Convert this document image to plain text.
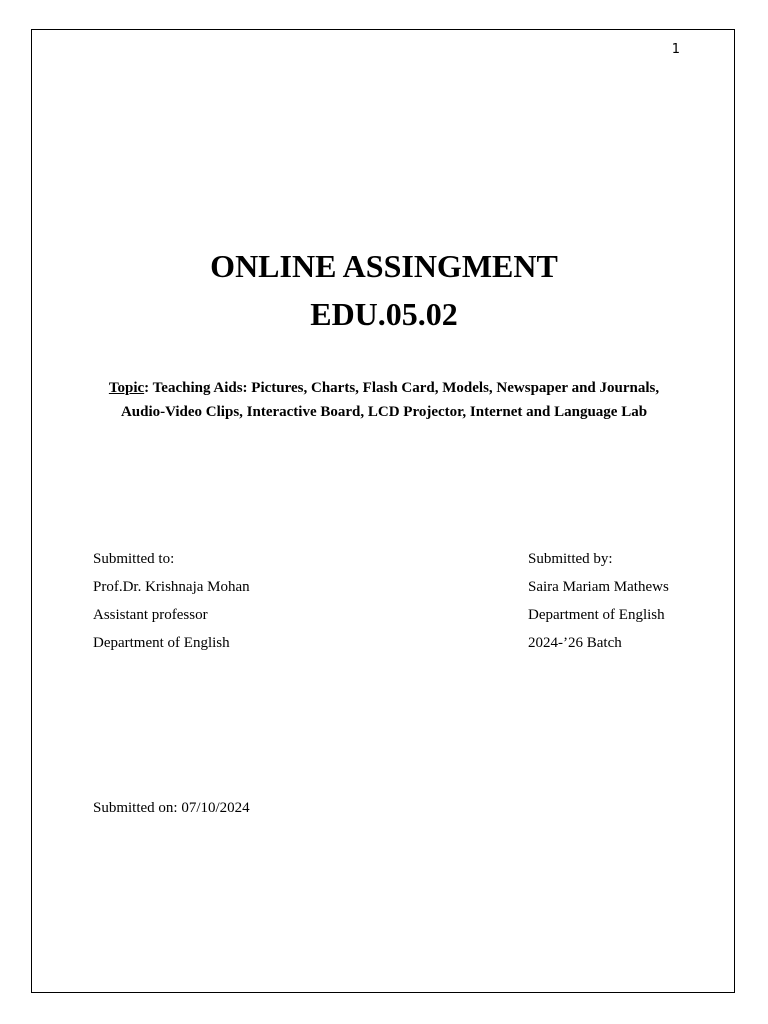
1
ONLINE ASSINGMENT
EDU.05.02
Topic: Teaching Aids: Pictures, Charts, Flash Card, Models, Newspaper and Journals,
Audio-Video Clips, Interactive Board, LCD Projector, Internet and Language Lab
Submitted to:
Prof.Dr. Krishnaja Mohan
Assistant professor
Department of English
Submitted by:
Saira Mariam Mathews
Department of English
2024-’26 Batch
Submitted on: 07/10/2024
